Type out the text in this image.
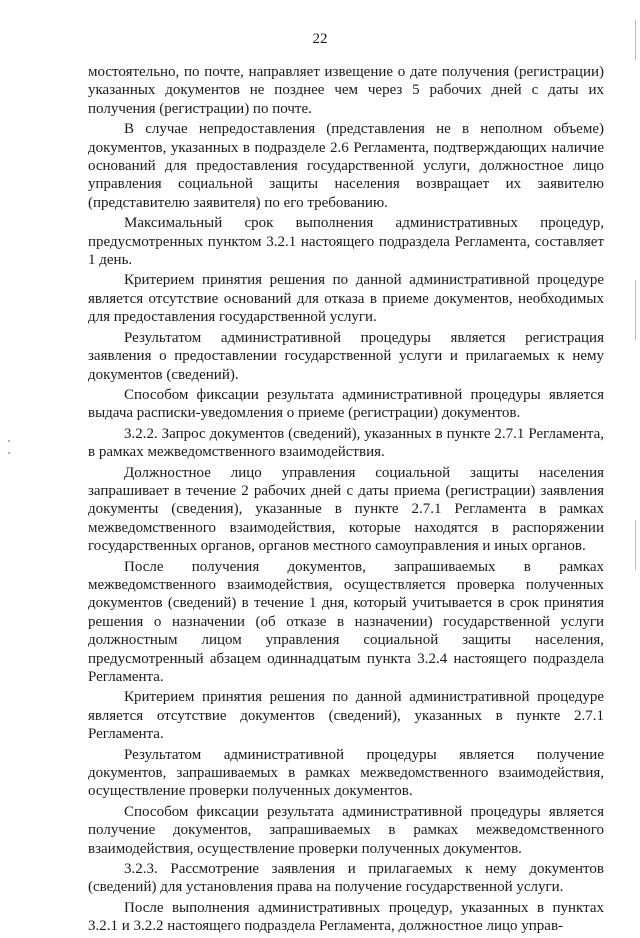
22

мостоятельно, по почте, направляет извещение о дате получения (регистрации) указанных документов не позднее чем через 5 рабочих дней с даты их получения (регистрации) по почте.

В случае непредоставления (представления не в неполном объеме) документов, указанных в подразделе 2.6 Регламента, подтверждающих наличие оснований для предоставления государственной услуги, должностное лицо управления социальной защиты населения возвращает их заявителю (представителю заявителя) по его требованию.

Максимальный срок выполнения административных процедур, предусмотренных пунктом 3.2.1 настоящего подраздела Регламента, составляет 1 день.

Критерием принятия решения по данной административной процедуре является отсутствие оснований для отказа в приеме документов, необходимых для предоставления государственной услуги.

Результатом административной процедуры является регистрация заявления о предоставлении государственной услуги и прилагаемых к нему документов (сведений).

Способом фиксации результата административной процедуры является выдача расписки-уведомления о приеме (регистрации) документов.

3.2.2. Запрос документов (сведений), указанных в пункте 2.7.1 Регламента, в рамках межведомственного взаимодействия.

Должностное лицо управления социальной защиты населения запрашивает в течение 2 рабочих дней с даты приема (регистрации) заявления документы (сведения), указанные в пункте 2.7.1 Регламента в рамках межведомственного взаимодействия, которые находятся в распоряжении государственных органов, органов местного самоуправления и иных органов.

После получения документов, запрашиваемых в рамках межведомственного взаимодействия, осуществляется проверка полученных документов (сведений) в течение 1 дня, который учитывается в срок принятия решения о назначении (об отказе в назначении) государственной услуги должностным лицом управления социальной защиты населения, предусмотренный абзацем одиннадцатым пункта 3.2.4 настоящего подраздела Регламента.

Критерием принятия решения по данной административной процедуре является отсутствие документов (сведений), указанных в пункте 2.7.1 Регламента.

Результатом административной процедуры является получение документов, запрашиваемых в рамках межведомственного взаимодействия, осуществление проверки полученных документов.

Способом фиксации результата административной процедуры является получение документов, запрашиваемых в рамках межведомственного взаимодействия, осуществление проверки полученных документов.

3.2.3. Рассмотрение заявления и прилагаемых к нему документов (сведений) для установления права на получение государственной услуги.

После выполнения административных процедур, указанных в пунктах 3.2.1 и 3.2.2 настоящего подраздела Регламента, должностное лицо управ-
